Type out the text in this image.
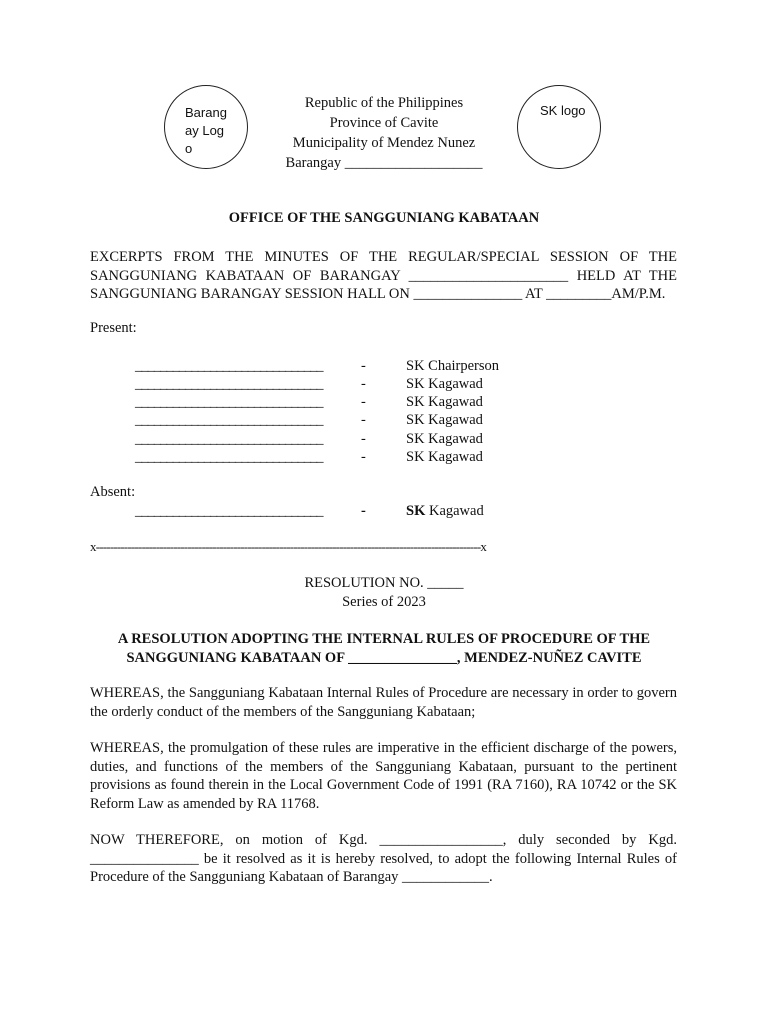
Barangay Logo
Republic of the Philippines
Province of Cavite
Municipality of Mendez Nunez
Barangay ___________________
SK logo
OFFICE OF THE SANGGUNIANG KABATAAN
EXCERPTS FROM THE MINUTES OF THE REGULAR/SPECIAL SESSION OF THE SANGGUNIANG KABATAAN OF BARANGAY ______________________ HELD AT THE SANGGUNIANG BARANGAY SESSION HALL ON _______________ AT _________AM/P.M.
Present:
______________________________	-	SK Chairperson
______________________________	-	SK Kagawad
______________________________	-	SK Kagawad
______________________________	-	SK Kagawad
______________________________	-	SK Kagawad
______________________________	-	SK Kagawad
Absent:
______________________________	-	SK Kagawad
x-------------------------------------------------------------------------------------------------------------x
RESOLUTION NO. _____
Series of 2023
A RESOLUTION ADOPTING THE INTERNAL RULES OF PROCEDURE OF THE
SANGGUNIANG KABATAAN OF _______________, MENDEZ-NUÑEZ CAVITE
WHEREAS, the Sangguniang Kabataan Internal Rules of Procedure are necessary in order to govern the orderly conduct of the members of the Sangguniang Kabataan;
WHEREAS, the promulgation of these rules are imperative in the efficient discharge of the powers, duties, and functions of the members of the Sangguniang Kabataan, pursuant to the pertinent provisions as found therein in the Local Government Code of 1991 (RA 7160), RA 10742 or the SK Reform Law as amended by RA 11768.
NOW THEREFORE, on motion of Kgd. _________________, duly seconded by Kgd. _______________ be it resolved as it is hereby resolved, to adopt the following Internal Rules of Procedure of the Sangguniang Kabataan of Barangay ____________.
